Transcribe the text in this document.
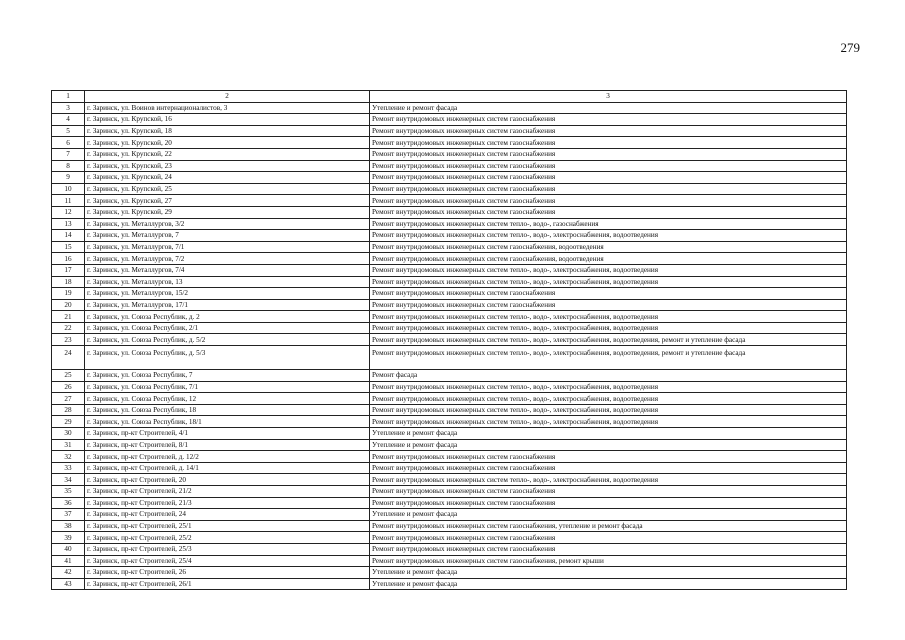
279
1	2	3
3	г. Заринск, ул. Воинов интернационалистов, 3	Утепление и ремонт фасада
4	г. Заринск, ул. Крупской, 16	Ремонт внутридомовых инженерных систем газоснабжения
5	г. Заринск, ул. Крупской, 18	Ремонт внутридомовых инженерных систем газоснабжения
6	г. Заринск, ул. Крупской, 20	Ремонт внутридомовых инженерных систем газоснабжения
7	г. Заринск, ул. Крупской, 22	Ремонт внутридомовых инженерных систем газоснабжения
8	г. Заринск, ул. Крупской, 23	Ремонт внутридомовых инженерных систем газоснабжения
9	г. Заринск, ул. Крупской, 24	Ремонт внутридомовых инженерных систем газоснабжения
10	г. Заринск, ул. Крупской, 25	Ремонт внутридомовых инженерных систем газоснабжения
11	г. Заринск, ул. Крупской, 27	Ремонт внутридомовых инженерных систем газоснабжения
12	г. Заринск, ул. Крупской, 29	Ремонт внутридомовых инженерных систем газоснабжения
13	г. Заринск, ул. Металлургов, 3/2	Ремонт внутридомовых инженерных систем тепло-, водо-, газоснабжения
14	г. Заринск, ул. Металлургов, 7	Ремонт внутридомовых инженерных систем тепло-, водо-, электроснабжения, водоотведения
15	г. Заринск, ул. Металлургов, 7/1	Ремонт внутридомовых инженерных систем газоснабжения, водоотведения
16	г. Заринск, ул. Металлургов, 7/2	Ремонт внутридомовых инженерных систем газоснабжения, водоотведения
17	г. Заринск, ул. Металлургов, 7/4	Ремонт внутридомовых инженерных систем тепло-, водо-, электроснабжения, водоотведения
18	г. Заринск, ул. Металлургов, 13	Ремонт внутридомовых инженерных систем тепло-, водо-, электроснабжения, водоотведения
19	г. Заринск, ул. Металлургов, 15/2	Ремонт внутридомовых инженерных систем газоснабжения
20	г. Заринск, ул. Металлургов, 17/1	Ремонт внутридомовых инженерных систем газоснабжения
21	г. Заринск, ул. Союза Республик, д. 2	Ремонт внутридомовых инженерных систем тепло-, водо-, электроснабжения, водоотведения
22	г. Заринск, ул. Союза Республик, 2/1	Ремонт внутридомовых инженерных систем тепло-, водо-, электроснабжения, водоотведения
23	г. Заринск, ул. Союза Республик, д. 5/2	Ремонт внутридомовых инженерных систем тепло-, водо-, электроснабжения, водоотведения, ремонт и утепление фасада
24	г. Заринск, ул. Союза Республик, д. 5/3	Ремонт внутридомовых инженерных систем тепло-, водо-, электроснабжения, водоотведения, ремонт и утепление фасада
25	г. Заринск, ул. Союза Республик, 7	Ремонт фасада
26	г. Заринск, ул. Союза Республик, 7/1	Ремонт внутридомовых инженерных систем тепло-, водо-, электроснабжения, водоотведения
27	г. Заринск, ул. Союза Республик, 12	Ремонт внутридомовых инженерных систем тепло-, водо-, электроснабжения, водоотведения
28	г. Заринск, ул. Союза Республик, 18	Ремонт внутридомовых инженерных систем тепло-, водо-, электроснабжения, водоотведения
29	г. Заринск, ул. Союза Республик, 18/1	Ремонт внутридомовых инженерных систем тепло-, водо-, электроснабжения, водоотведения
30	г. Заринск, пр-кт Строителей, 4/1	Утепление и ремонт фасада
31	г. Заринск, пр-кт Строителей, 8/1	Утепление и ремонт фасада
32	г. Заринск, пр-кт Строителей, д. 12/2	Ремонт внутридомовых инженерных систем газоснабжения
33	г. Заринск, пр-кт Строителей, д. 14/1	Ремонт внутридомовых инженерных систем газоснабжения
34	г. Заринск, пр-кт Строителей, 20	Ремонт внутридомовых инженерных систем тепло-, водо-, электроснабжения, водоотведения
35	г. Заринск, пр-кт Строителей, 21/2	Ремонт внутридомовых инженерных систем газоснабжения
36	г. Заринск, пр-кт Строителей, 21/3	Ремонт внутридомовых инженерных систем газоснабжения
37	г. Заринск, пр-кт Строителей, 24	Утепление и ремонт фасада
38	г. Заринск, пр-кт Строителей, 25/1	Ремонт внутридомовых инженерных систем газоснабжения, утепление и ремонт фасада
39	г. Заринск, пр-кт Строителей, 25/2	Ремонт внутридомовых инженерных систем газоснабжения
40	г. Заринск, пр-кт Строителей, 25/3	Ремонт внутридомовых инженерных систем газоснабжения
41	г. Заринск, пр-кт Строителей, 25/4	Ремонт внутридомовых инженерных систем газоснабжения, ремонт крыши
42	г. Заринск, пр-кт Строителей, 26	Утепление и ремонт фасада
43	г. Заринск, пр-кт Строителей, 26/1	Утепление и ремонт фасада
